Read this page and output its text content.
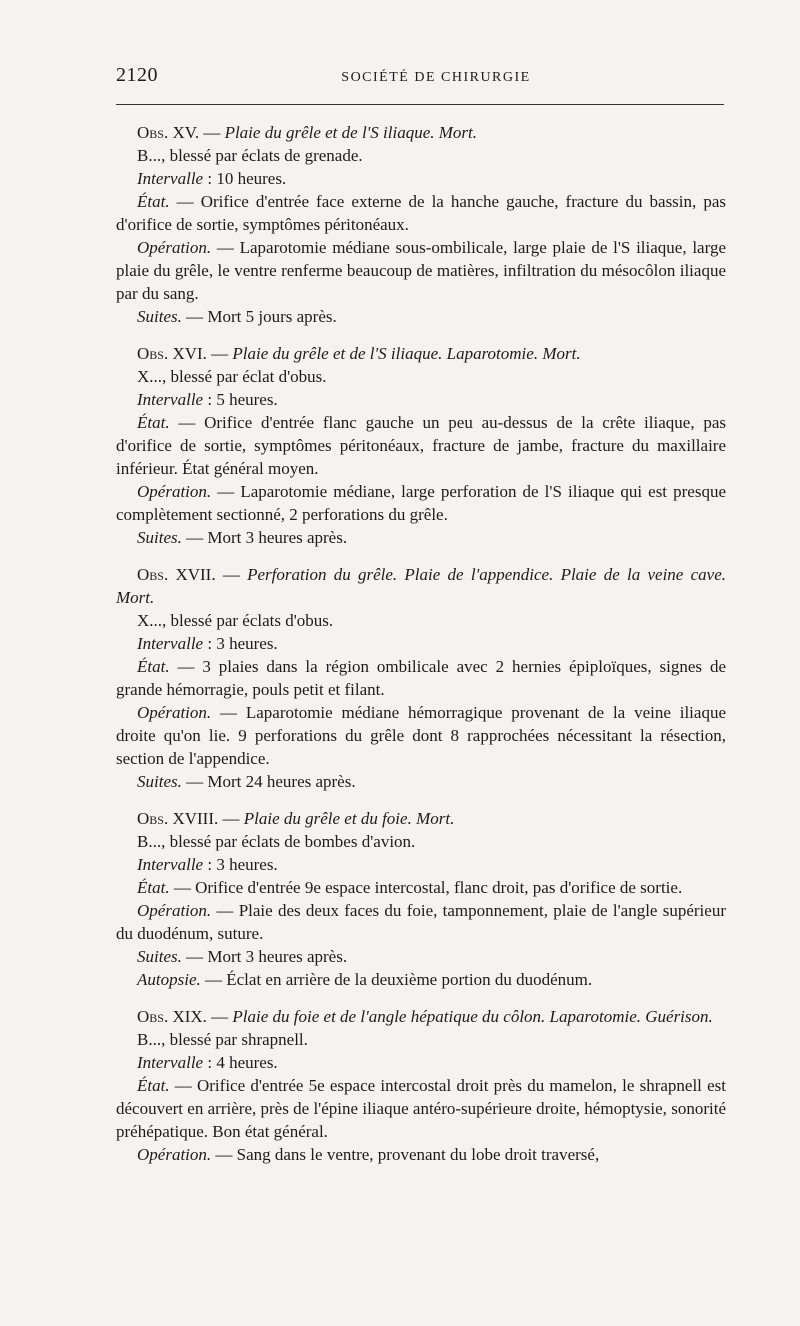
2120	SOCIÉTÉ DE CHIRURGIE

Obs. XV. — Plaie du grêle et de l'S iliaque. Mort.

B..., blessé par éclats de grenade.

Intervalle : 10 heures.

État. — Orifice d'entrée face externe de la hanche gauche, fracture du bassin, pas d'orifice de sortie, symptômes péritonéaux.

Opération. — Laparotomie médiane sous-ombilicale, large plaie de l'S iliaque, large plaie du grêle, le ventre renferme beaucoup de matières, infiltration du mésocôlon iliaque par du sang.

Suites. — Mort 5 jours après.

Obs. XVI. — Plaie du grêle et de l'S iliaque. Laparotomie. Mort.

X..., blessé par éclat d'obus.

Intervalle : 5 heures.

État. — Orifice d'entrée flanc gauche un peu au-dessus de la crête iliaque, pas d'orifice de sortie, symptômes péritonéaux, fracture de jambe, fracture du maxillaire inférieur. État général moyen.

Opération. — Laparotomie médiane, large perforation de l'S iliaque qui est presque complètement sectionné, 2 perforations du grêle.

Suites. — Mort 3 heures après.

Obs. XVII. — Perforation du grêle. Plaie de l'appendice. Plaie de la veine cave. Mort.

X..., blessé par éclats d'obus.

Intervalle : 3 heures.

État. — 3 plaies dans la région ombilicale avec 2 hernies épiploïques, signes de grande hémorragie, pouls petit et filant.

Opération. — Laparotomie médiane hémorragique provenant de la veine iliaque droite qu'on lie. 9 perforations du grêle dont 8 rapprochées nécessitant la résection, section de l'appendice.

Suites. — Mort 24 heures après.

Obs. XVIII. — Plaie du grêle et du foie. Mort.

B..., blessé par éclats de bombes d'avion.

Intervalle : 3 heures.

État. — Orifice d'entrée 9e espace intercostal, flanc droit, pas d'orifice de sortie.

Opération. — Plaie des deux faces du foie, tamponnement, plaie de l'angle supérieur du duodénum, suture.

Suites. — Mort 3 heures après.

Autopsie. — Éclat en arrière de la deuxième portion du duodénum.

Obs. XIX. — Plaie du foie et de l'angle hépatique du côlon. Laparotomie. Guérison.

B..., blessé par shrapnell.

Intervalle : 4 heures.

État. — Orifice d'entrée 5e espace intercostal droit près du mamelon, le shrapnell est découvert en arrière, près de l'épine iliaque antéro-supérieure droite, hémoptysie, sonorité préhépatique. Bon état général.

Opération. — Sang dans le ventre, provenant du lobe droit traversé,
